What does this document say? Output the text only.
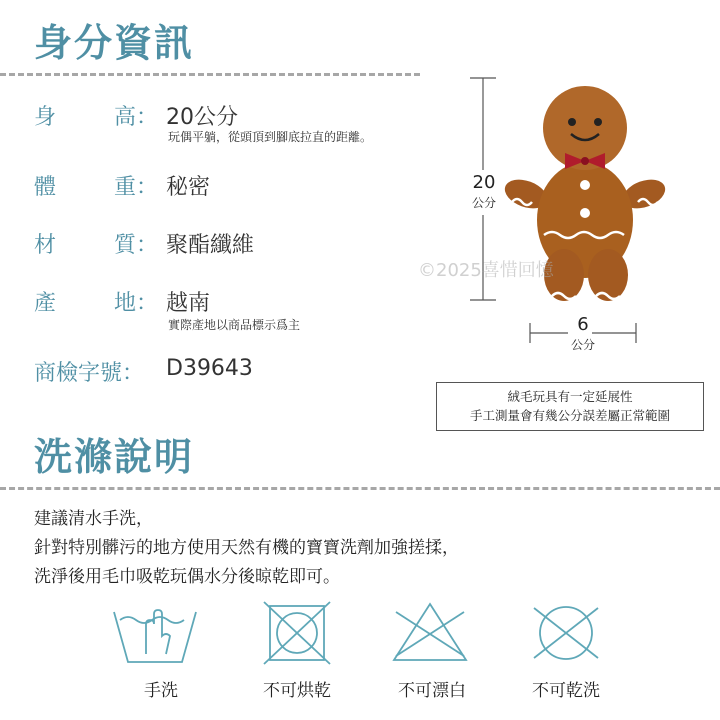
身分資訊
身	高： 20公分
玩偶平躺，從頭頂到腳底拉直的距離。
體	重： 秘密
材	質： 聚酯纖維
產	地： 越南
實際產地以商品標示爲主
商檢字號： D39643
20
公分
6
公分
©2025喜惜回憶
絨毛玩具有一定延展性
手工測量會有幾公分誤差屬正常範圍
洗滌說明
建議清水手洗，
針對特別髒污的地方使用天然有機的寶寶洗劑加強搓揉，
洗淨後用毛巾吸乾玩偶水分後晾乾即可。
手洗	不可烘乾	不可漂白	不可乾洗
